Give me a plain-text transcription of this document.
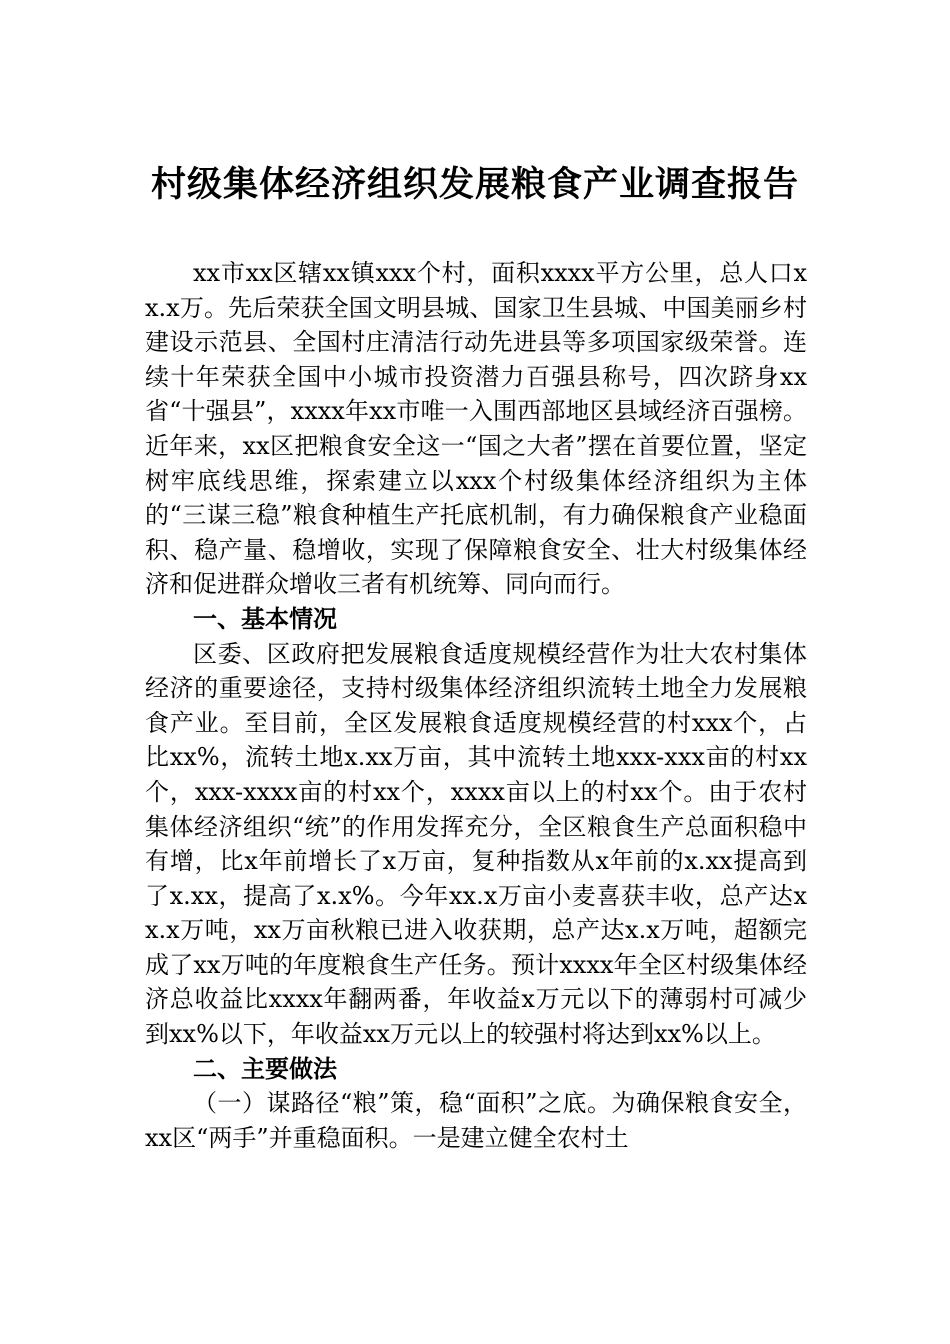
村级集体经济组织发展粮食产业调查报告

xx市xx区辖xx镇xxx个村，面积xxxx平方公里，总人口xx.x万。先后荣获全国文明县城、国家卫生县城、中国美丽乡村建设示范县、全国村庄清洁行动先进县等多项国家级荣誉。连续十年荣获全国中小城市投资潜力百强县称号，四次跻身xx省“十强县”，xxxx年xx市唯一入围西部地区县域经济百强榜。近年来，xx区把粮食安全这一“国之大者”摆在首要位置，坚定树牢底线思维，探索建立以xxx个村级集体经济组织为主体的“三谋三稳”粮食种植生产托底机制，有力确保粮食产业稳面积、稳产量、稳增收，实现了保障粮食安全、壮大村级集体经济和促进群众增收三者有机统筹、同向而行。

一、基本情况

区委、区政府把发展粮食适度规模经营作为壮大农村集体经济的重要途径，支持村级集体经济组织流转土地全力发展粮食产业。至目前，全区发展粮食适度规模经营的村xxx个，占比xx%，流转土地x.xx万亩，其中流转土地xxx-xxx亩的村xx个，xxx-xxxx亩的村xx个，xxxx亩以上的村xx个。由于农村集体经济组织“统”的作用发挥充分，全区粮食生产总面积稳中有增，比x年前增长了x万亩，复种指数从x年前的x.xx提高到了x.xx，提高了x.x%。今年xx.x万亩小麦喜获丰收，总产达xx.x万吨，xx万亩秋粮已进入收获期，总产达x.x万吨，超额完成了xx万吨的年度粮食生产任务。预计xxxx年全区村级集体经济总收益比xxxx年翻两番，年收益x万元以下的薄弱村可减少到xx%以下，年收益xx万元以上的较强村将达到xx%以上。

二、主要做法

（一）谋路径“粮”策，稳“面积”之底。为确保粮食安全，xx区“两手”并重稳面积。一是建立健全农村土
